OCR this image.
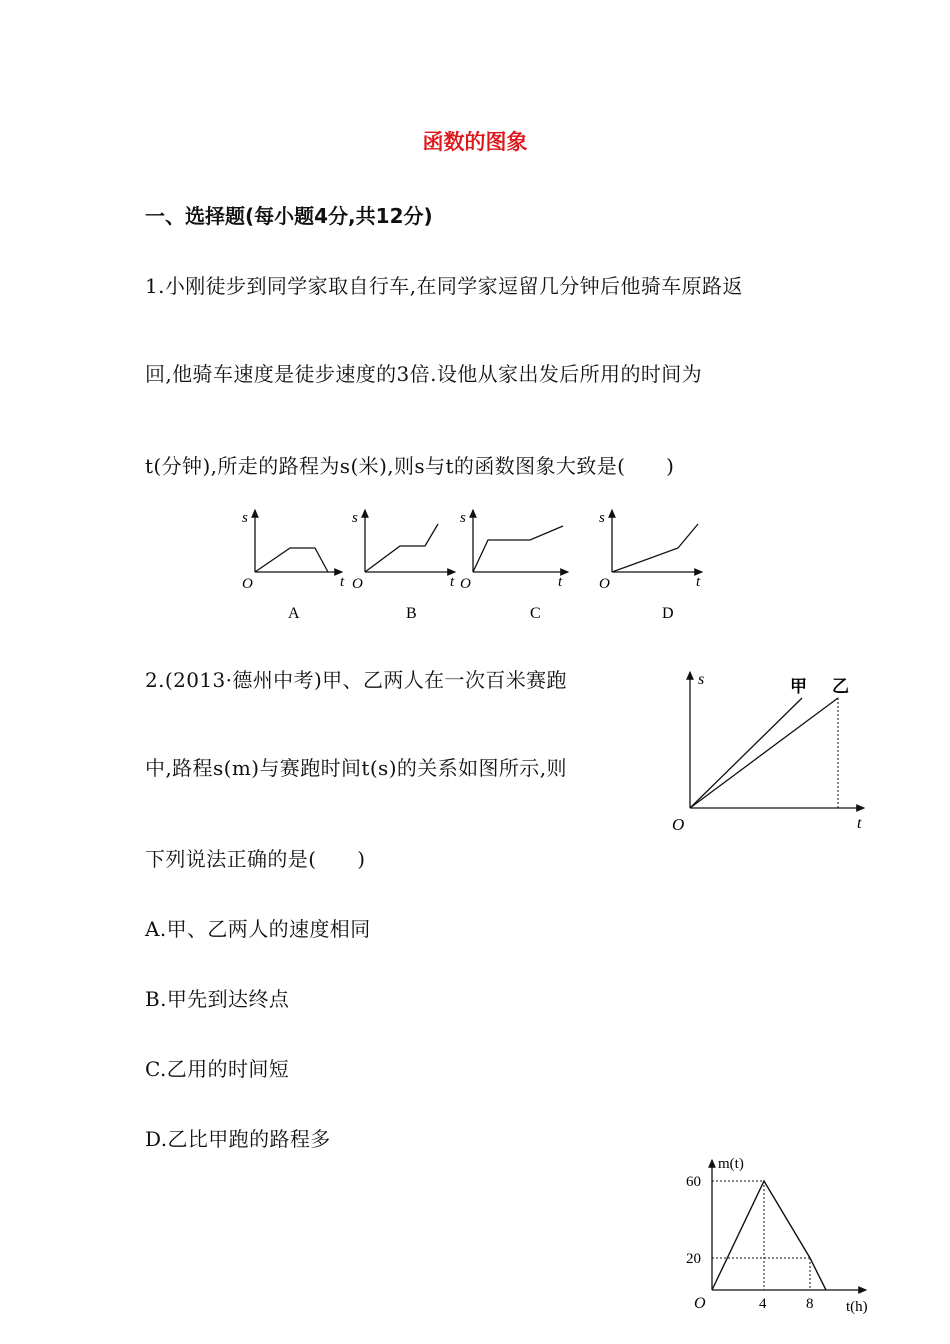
函数的图象
一、选择题(每小题4分,共12分)
1.小刚徒步到同学家取自行车,在同学家逗留几分钟后他骑车原路返
回,他骑车速度是徒步速度的3倍.设他从家出发后所用的时间为
t(分钟),所走的路程为s(米),则s与t的函数图象大致是(　　)
s
O	t
A
s
O	t
B
s
O	t
C
s
O	t
D
2.(2013·德州中考)甲、乙两人在一次百米赛跑
中,路程s(m)与赛跑时间t(s)的关系如图所示,则
下列说法正确的是(　　)
A.甲、乙两人的速度相同
B.甲先到达终点
C.乙用的时间短
D.乙比甲跑的路程多
s
O	t
甲 乙
m(t)
60
20
O	4	8 t(h)
